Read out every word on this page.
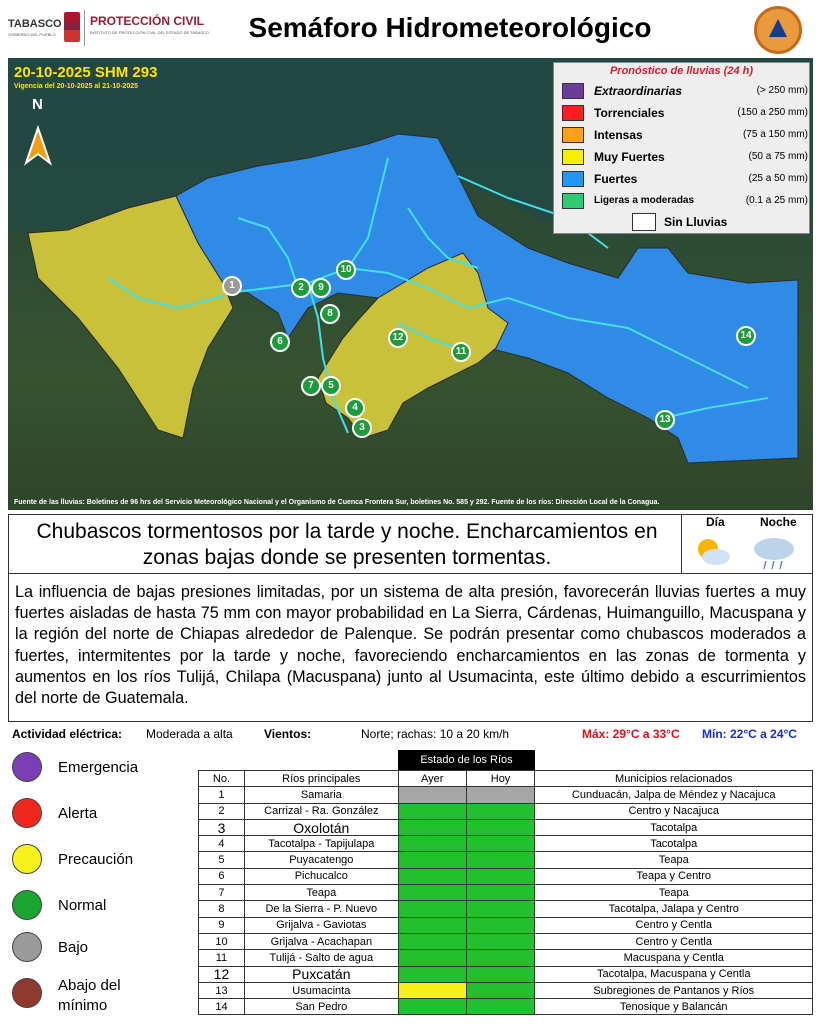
TABASCO
GOBIERNO DEL PUEBLO
PROTECCIÓN CIVIL
INSTITUTO DE PROTECCIÓN CIVIL DEL ESTADO DE TABASCO	Semáforo Hidrometeorológico
20-10-2025 SHM 293
Vigencia del 20-10-2025 al 21-10-2025
N
1	2	9
10
8
6	12
11
7	5
4
3
14
13
Pronóstico de lluvias (24 h)
Extraordinarias	(> 250 mm)
Torrenciales	(150 a 250 mm)
Intensas	(75 a 150 mm)
Muy Fuertes	(50 a 75 mm)
Fuertes	(25 a 50 mm)
Ligeras a moderadas	(0.1 a 25 mm)
Sin Lluvias
Fuente de las lluvias: Boletines de 96 hrs del Servicio Meteorológico Nacional y el Organismo de Cuenca Frontera Sur, boletines No. 585 y 292. Fuente de los ríos: Dirección Local de la Conagua.
Chubascos tormentosos por la tarde y noche. Encharcamientos en zonas bajas donde se presenten tormentas.
Día	Noche
La influencia de bajas presiones limitadas, por un sistema de alta presión, favorecerán lluvias fuertes a muy fuertes aisladas de hasta 75 mm con mayor probabilidad en La Sierra, Cárdenas, Huimanguillo, Macuspana y la región del norte de Chiapas alrededor de Palenque. Se podrán presentar como chubascos moderados a fuertes, intermitentes por la tarde y noche, favoreciendo encharcamientos en las zonas de tormenta y aumentos en los ríos Tulijá, Chilapa (Macuspana) junto al Usumacinta, este último debido a escurrimientos del norte de Guatemala.
Actividad eléctrica: Moderada a alta	Vientos:	Norte; rachas: 10 a 20 km/h	Máx: 29°C a 33°C Mín: 22°C a 24°C
Emergencia
Alerta
Precaución
Normal
Bajo
Abajo del mínimo
Estado de los Ríos
No.	Ríos principales	Ayer	Hoy	Municipios relacionados
1	Samaria			Cunduacán, Jalpa de Méndez y Nacajuca
2	Carrizal - Ra. González			Centro y Nacajuca
3	Oxolotán			Tacotalpa
4	Tacotalpa - Tapijulapa			Tacotalpa
5	Puyacatengo			Teapa
6	Pichucalco			Teapa y Centro
7	Teapa			Teapa
8	De la Sierra - P. Nuevo			Tacotalpa, Jalapa y Centro
9	Grijalva - Gaviotas			Centro y Centla
10	Grijalva - Acachapan			Centro y Centla
11	Tulijá - Salto de agua			Macuspana y Centla
12	Puxcatán			Tacotalpa, Macuspana y Centla
13	Usumacinta			Subregiones de Pantanos y Ríos
14	San Pedro			Tenosique y Balancán
